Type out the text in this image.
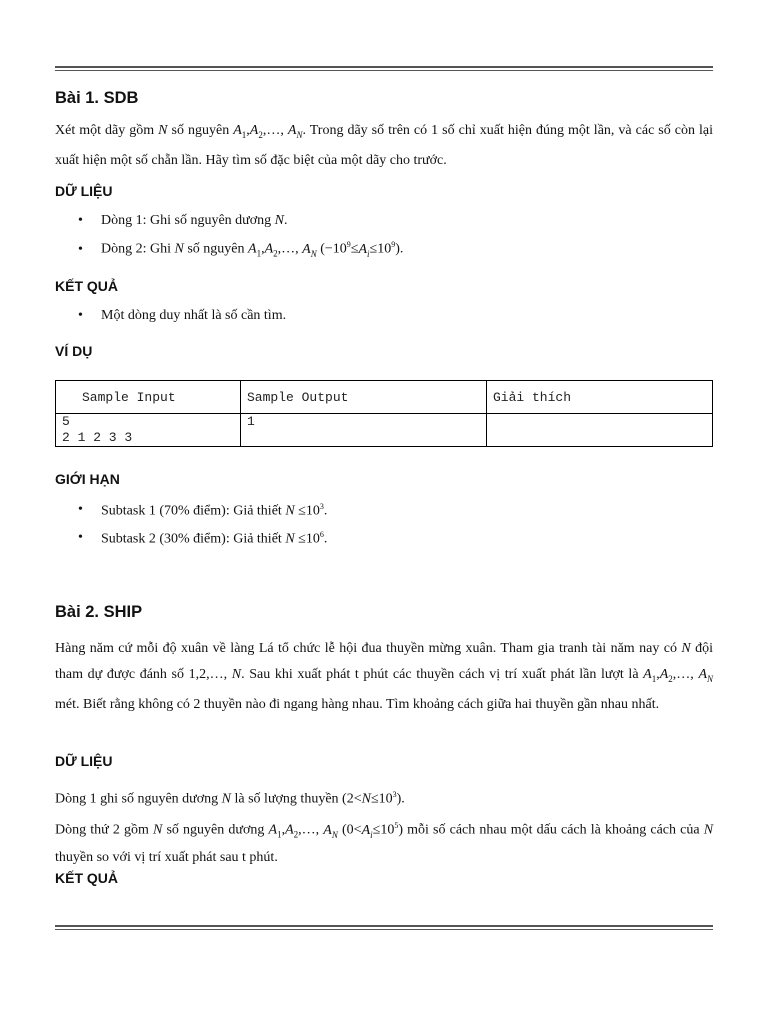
Bài 1. SDB
Xét một dãy gồm N số nguyên $A_1,A_2,\dots$, $A_N$. Trong dãy số trên có 1 số chỉ xuất hiện đúng một lần, và các số còn lại xuất hiện một số chẵn lần. Hãy tìm số đặc biệt của một dãy cho trước.
DỮ LIỆU
• Dòng 1: Ghi số nguyên dương N.
• Dòng 2: Ghi N số nguyên $A_1,A_2,\dots$, $A_N$ $(-10^9\le A_i\le 10^9)$.
KẾT QUẢ
• Một dòng duy nhất là số cần tìm.
VÍ DỤ
Sample Input	Sample Output	Giải thích

5
2 1 2 3 3	1	
GIỚI HẠN
• Subtask 1 (70% điểm): Giả thiết $N \le 10^3$.
• Subtask 2 (30% điểm): Giả thiết $N \le 10^6$.
Bài 2. SHIP
Hàng năm cứ mỗi độ xuân về làng Lá tổ chức lễ hội đua thuyền mừng xuân. Tham gia tranh tài năm nay có N đội tham dự được đánh số 1,2,…, N. Sau khi xuất phát t phút các thuyền cách vị trí xuất phát lần lượt là $A_1,A_2,\dots$, $A_N$ mét. Biết rằng không có 2 thuyền nào đi ngang hàng nhau. Tìm khoảng cách giữa hai thuyền gần nhau nhất.
DỮ LIỆU
Dòng 1 ghi số nguyên dương N là số lượng thuyền $(2<N\le 10^3)$.
Dòng thứ 2 gồm N số nguyên dương $A_1,A_2,\dots$, $A_N$ $(0<A_i\le 10^5)$ mỗi số cách nhau một dấu cách là khoảng cách của N thuyền so với vị trí xuất phát sau t phút.
KẾT QUẢ
